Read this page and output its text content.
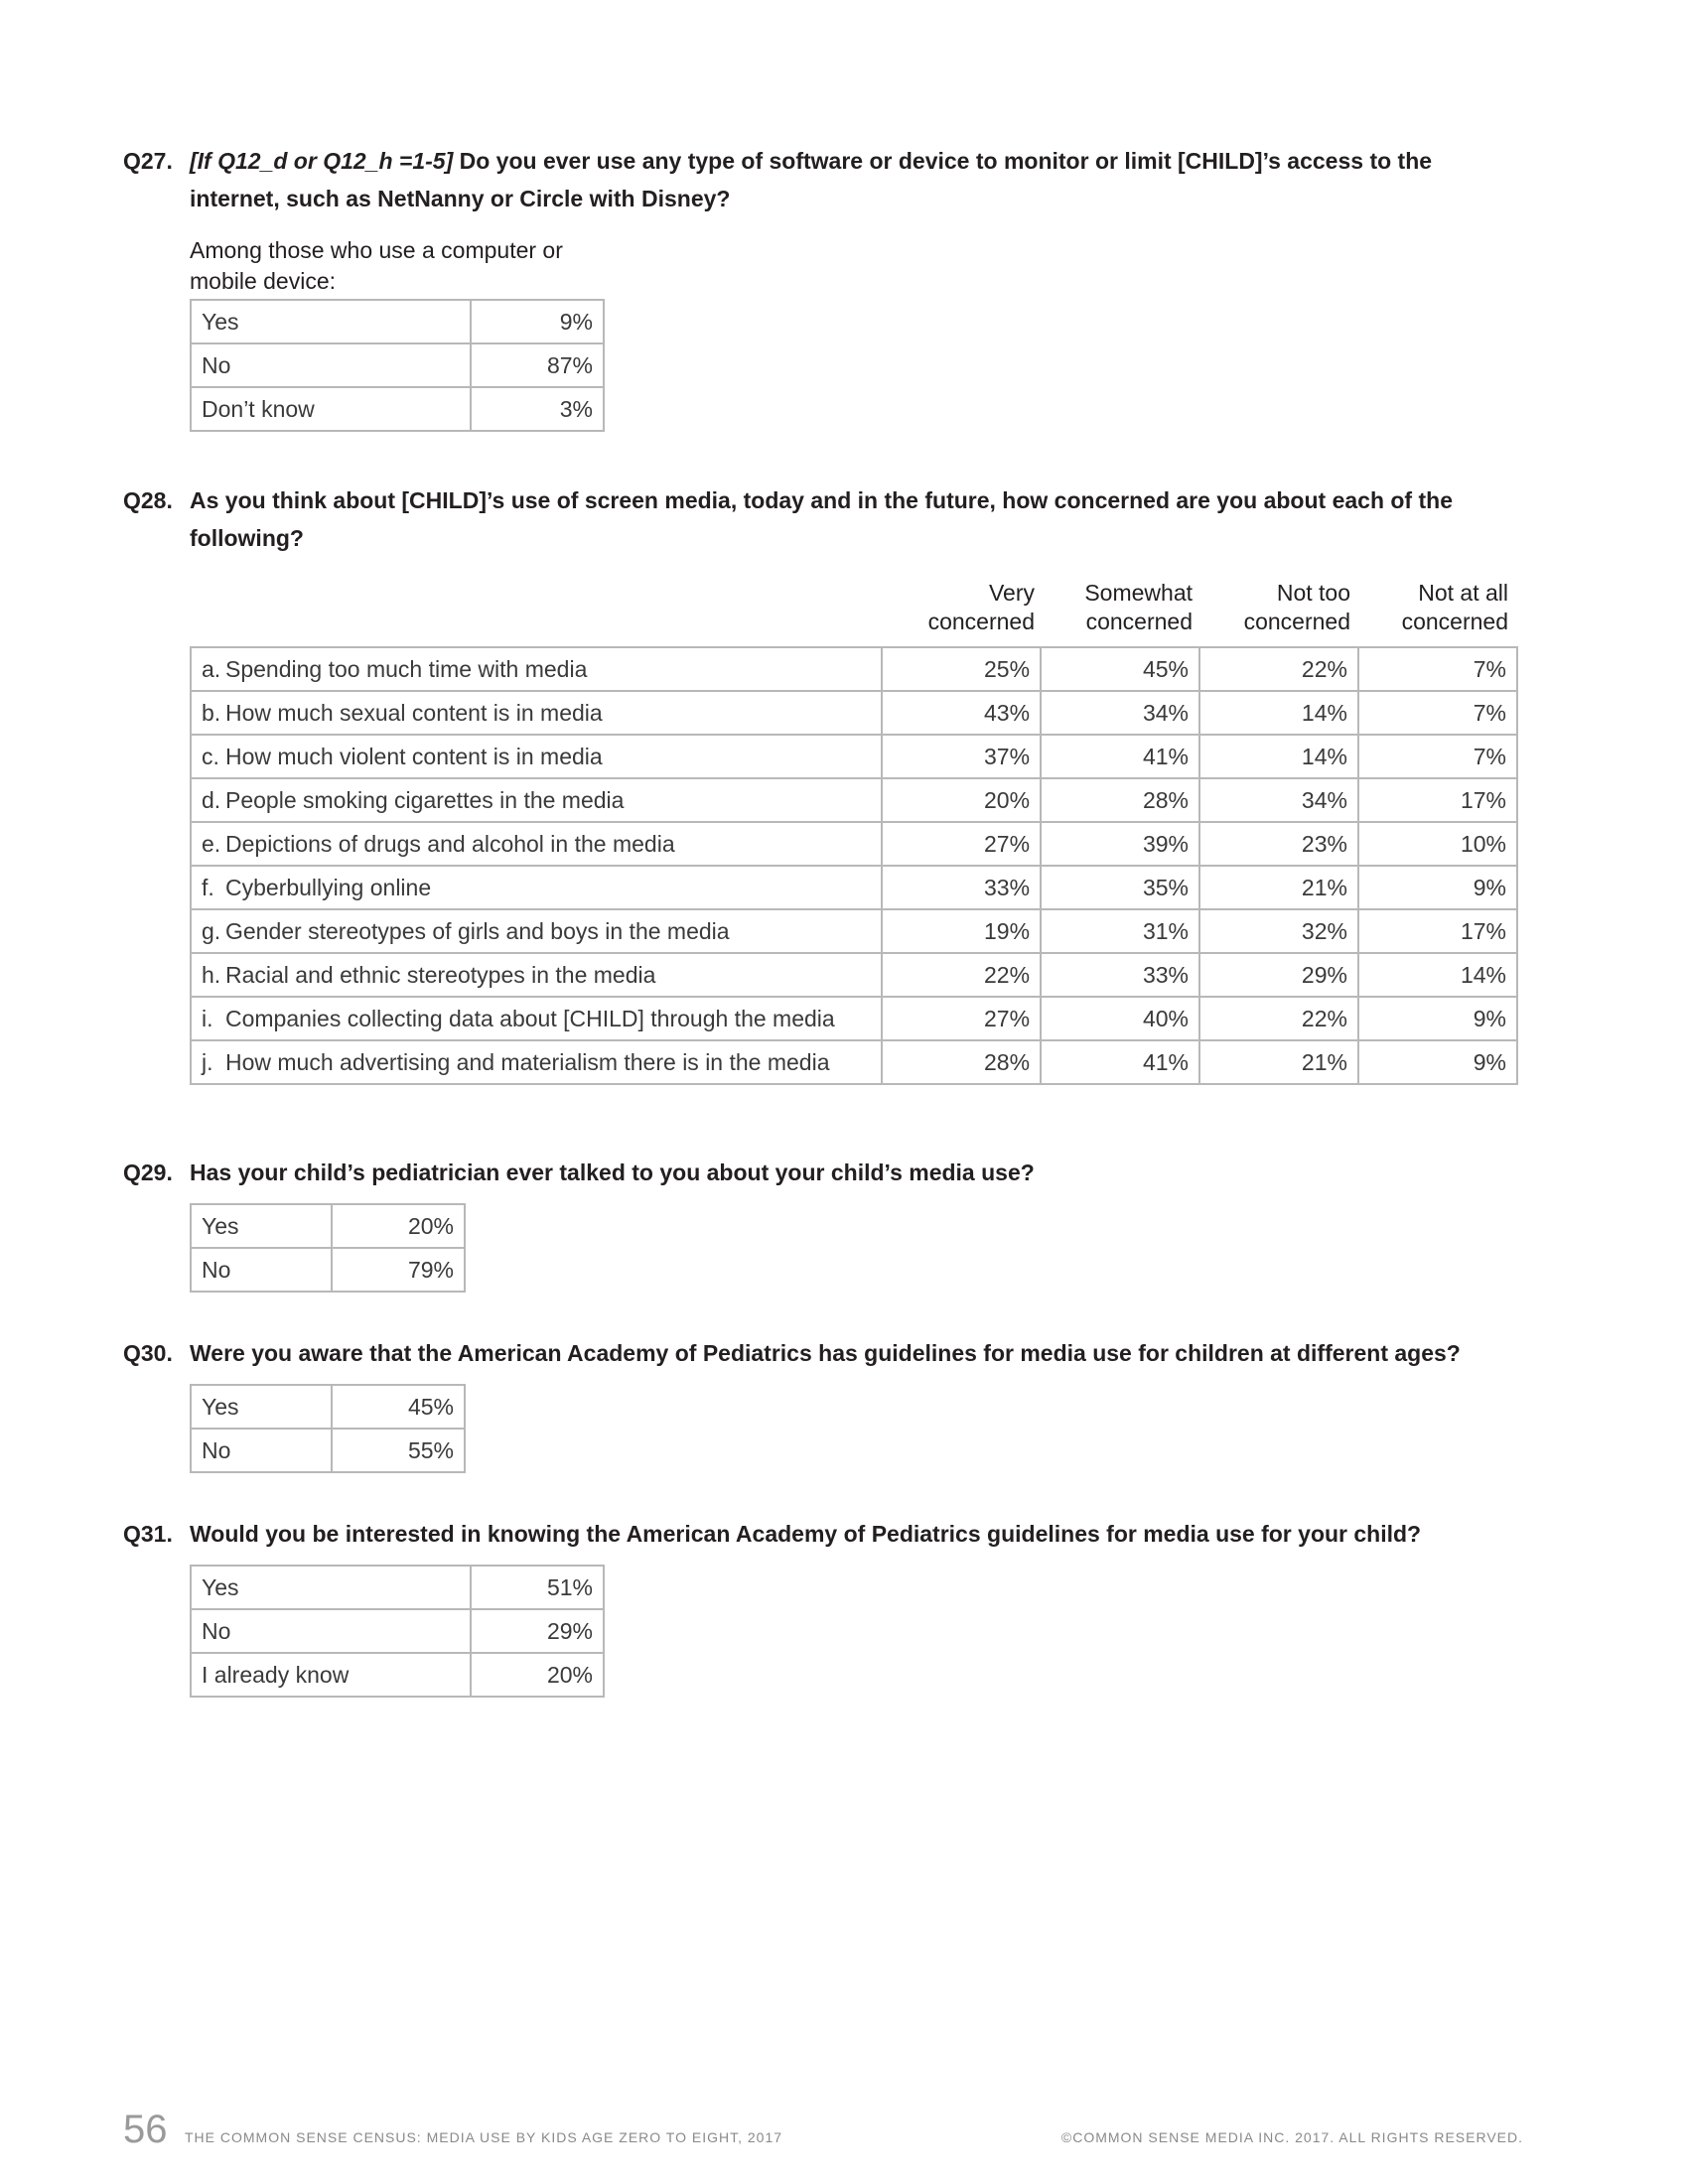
Q27. [If Q12_d or Q12_h =1-5] Do you ever use any type of software or device to monitor or limit [CHILD]’s access to the internet, such as NetNanny or Circle with Disney?
Among those who use a computer or mobile device:
Yes	9%
No	87%
Don’t know	3%
Q28. As you think about [CHILD]’s use of screen media, today and in the future, how concerned are you about each of the following?
Very concerned
Somewhat concerned
Not too concerned
Not at all concerned
a. Spending too much time with media	25%	45%	22%	7%
b. How much sexual content is in media	43%	34%	14%	7%
c. How much violent content is in media	37%	41%	14%	7%
d. People smoking cigarettes in the media	20%	28%	34%	17%
e. Depictions of drugs and alcohol in the media	27%	39%	23%	10%
f. Cyberbullying online	33%	35%	21%	9%
g. Gender stereotypes of girls and boys in the media	19%	31%	32%	17%
h. Racial and ethnic stereotypes in the media	22%	33%	29%	14%
i. Companies collecting data about [CHILD] through the media	27%	40%	22%	9%
j. How much advertising and materialism there is in the media	28%	41%	21%	9%
Q29. Has your child’s pediatrician ever talked to you about your child’s media use?
Yes	20%
No	79%
Q30. Were you aware that the American Academy of Pediatrics has guidelines for media use for children at different ages?
Yes	45%
No	55%
Q31. Would you be interested in knowing the American Academy of Pediatrics guidelines for media use for your child?
Yes	51%
No	29%
I already know	20%
56 THE COMMON SENSE CENSUS: MEDIA USE BY KIDS AGE ZERO TO EIGHT, 2017	©COMMON SENSE MEDIA INC. 2017. ALL RIGHTS RESERVED.
